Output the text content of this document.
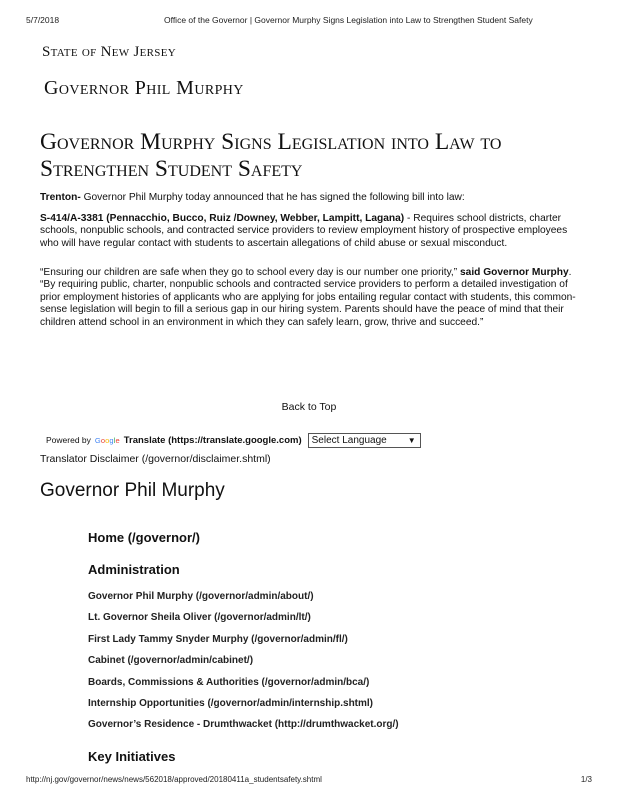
5/7/2018	Office of the Governor | Governor Murphy Signs Legislation into Law to Strengthen Student Safety
State of New Jersey
Governor Phil Murphy
Governor Murphy Signs Legislation into Law to Strengthen Student Safety

Trenton- Governor Phil Murphy today announced that he has signed the following bill into law:

S-414/A-3381 (Pennacchio, Bucco, Ruiz /Downey, Webber, Lampitt, Lagana) - Requires school districts, charter schools, nonpublic schools, and contracted service providers to review employment history of prospective employees who will have regular contact with students to ascertain allegations of child abuse or sexual misconduct.

“Ensuring our children are safe when they go to school every day is our number one priority,” said Governor Murphy. “By requiring public, charter, nonpublic schools and contracted service providers to perform a detailed investigation of prior employment histories of applicants who are applying for jobs entailing regular contact with students, this common-sense legislation will begin to fill a serious gap in our hiring system. Parents should have the peace of mind that their children attend school in an environment in which they can safely learn, grow, thrive and succeed.”

Back to Top
Powered by Google Translate (https://translate.google.com)	Select Language	▼
Translator Disclaimer (/governor/disclaimer.shtml)
Governor Phil Murphy
Home (/governor/)
Administration
Governor Phil Murphy (/governor/admin/about/)
Lt. Governor Sheila Oliver (/governor/admin/lt/)
First Lady Tammy Snyder Murphy (/governor/admin/fl/)
Cabinet (/governor/admin/cabinet/)
Boards, Commissions & Authorities (/governor/admin/bca/)
Internship Opportunities (/governor/admin/internship.shtml)
Governor’s Residence - Drumthwacket (http://drumthwacket.org/)
Key Initiatives
http://nj.gov/governor/news/news/562018/approved/20180411a_studentsafety.shtml	1/3
